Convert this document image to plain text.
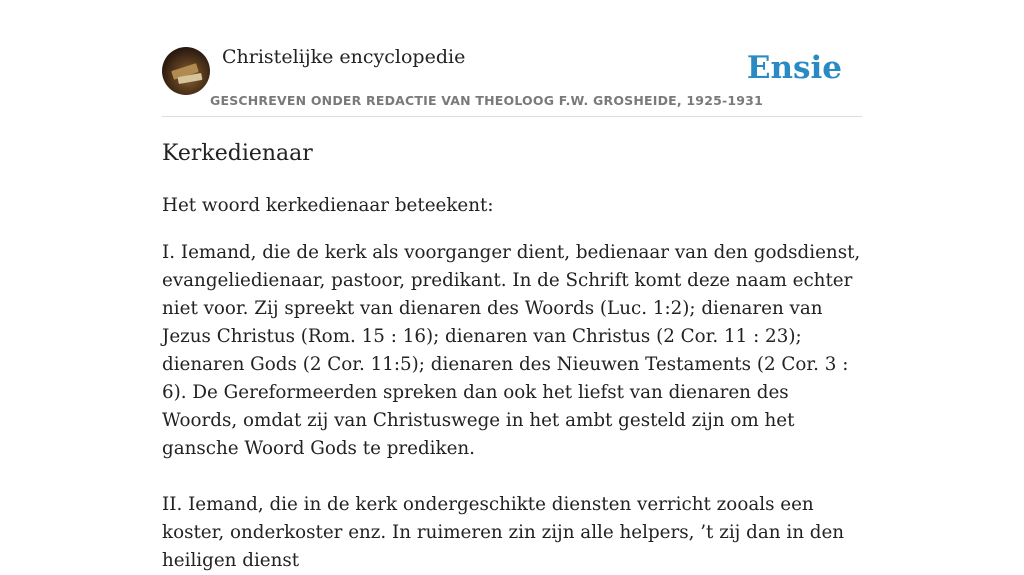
Christelijke encyclopedie
GESCHREVEN ONDER REDACTIE VAN THEOLOOG F.W. GROSHEIDE, 1925-1931
Ensie
Kerkedienaar

Het woord kerkedienaar beteekent:

I. Iemand, die de kerk als voorganger dient, bedienaar van den godsdienst, evangeliedienaar, pastoor, predikant. In de Schrift komt deze naam echter niet voor. Zij spreekt van dienaren des Woords (Luc. 1:2); dienaren van Jezus Christus (Rom. 15 : 16); dienaren van Christus (2 Cor. 11 : 23); dienaren Gods (2 Cor. 11:5); dienaren des Nieuwen Testaments (2 Cor. 3 : 6). De Gereformeerden spreken dan ook het liefst van dienaren des Woords, omdat zij van Christuswege in het ambt gesteld zijn om het gansche Woord Gods te prediken.

II. Iemand, die in de kerk ondergeschikte diensten verricht zooals een koster, onderkoster enz. In ruimeren zin zijn alle helpers, ’t zij dan in den heiligen dienst
